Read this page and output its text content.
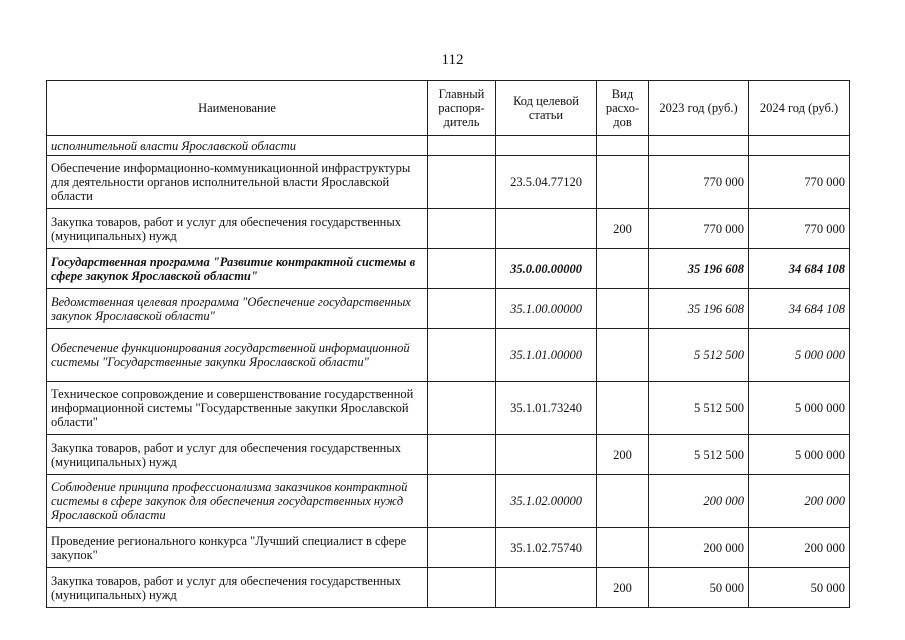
112
Наименование	Главный распоря-дитель	Код целевой статьи	Вид расхо-дов	2023 год (руб.)	2024 год (руб.)
исполнительной власти Ярославской области					
Обеспечение информационно-коммуникационной инфраструктуры для деятельности органов исполнительной власти Ярославской области		23.5.04.77120		770 000	770 000
Закупка товаров, работ и услуг для обеспечения государственных (муниципальных) нужд			200	770 000	770 000
Государственная программа "Развитие контрактной системы в сфере закупок Ярославской области"		35.0.00.00000		35 196 608	34 684 108
Ведомственная целевая программа "Обеспечение государственных закупок Ярославской области"		35.1.00.00000		35 196 608	34 684 108
Обеспечение функционирования государственной информационной системы "Государственные закупки Ярославской области"		35.1.01.00000		5 512 500	5 000 000
Техническое сопровождение и совершенствование государственной информационной системы "Государственные закупки Ярославской области"		35.1.01.73240		5 512 500	5 000 000
Закупка товаров, работ и услуг для обеспечения государственных (муниципальных) нужд			200	5 512 500	5 000 000
Соблюдение принципа профессионализма заказчиков контрактной системы в сфере закупок для обеспечения государственных нужд Ярославской области		35.1.02.00000		200 000	200 000
Проведение регионального конкурса "Лучший специалист в сфере закупок"		35.1.02.75740		200 000	200 000
Закупка товаров, работ и услуг для обеспечения государственных (муниципальных) нужд			200	50 000	50 000
